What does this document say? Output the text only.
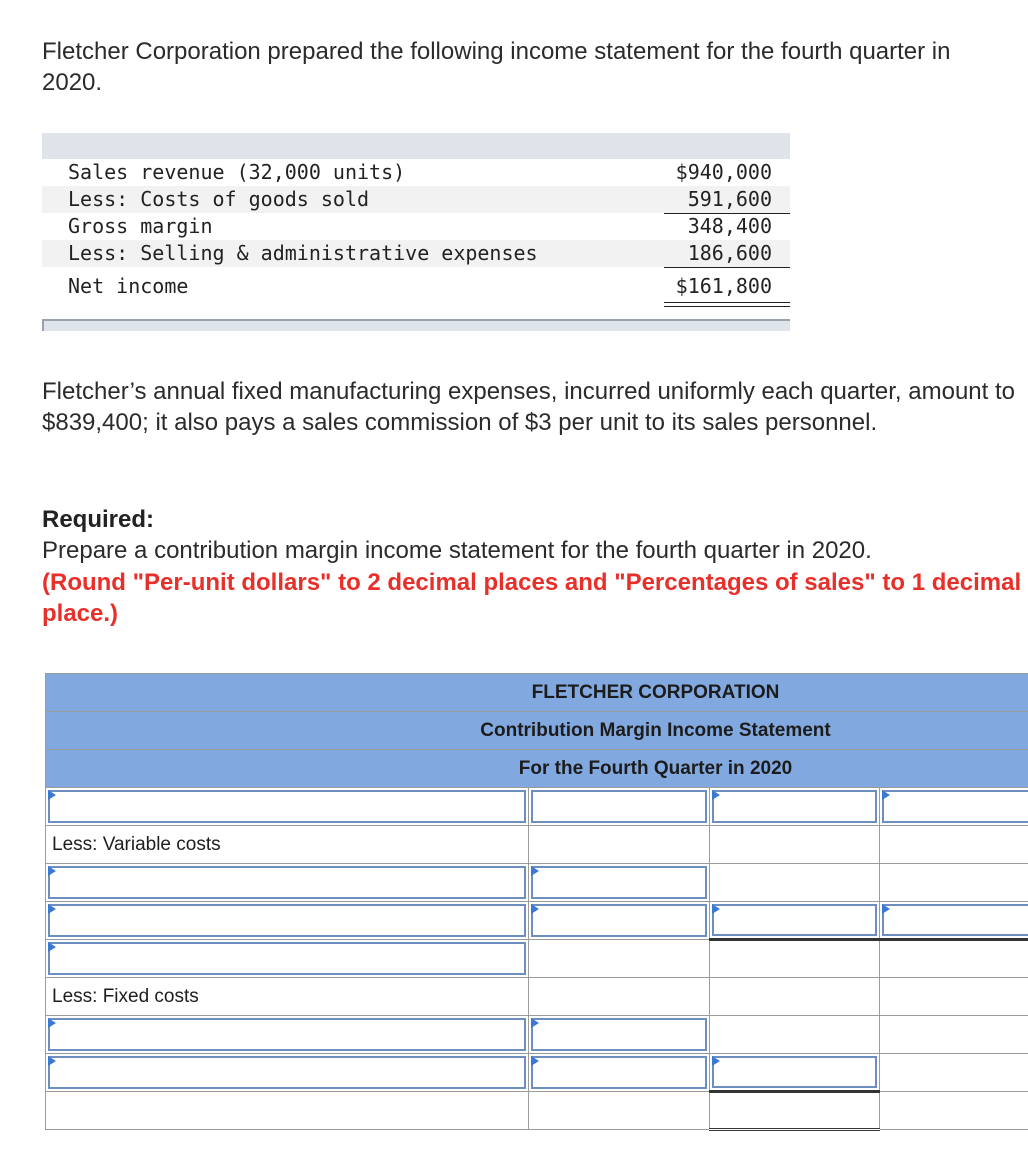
Fletcher Corporation prepared the following income statement for the fourth quarter in 2020.

Sales revenue (32,000 units)	$940,000
Less: Costs of goods sold	591,600
Gross margin	348,400
Less: Selling & administrative expenses	186,600
Net income	$161,800

Fletcher’s annual fixed manufacturing expenses, incurred uniformly each quarter, amount to $839,400; it also pays a sales commission of $3 per unit to its sales personnel.

Required:

Prepare a contribution margin income statement for the fourth quarter in 2020.

(Round "Per-unit dollars" to 2 decimal places and "Percentages of sales" to 1 decimal place.)

FLETCHER CORPORATION			
Contribution Margin Income Statement			
For the Fourth Quarter in 2020			

Less: Variable costs			

Less: Fixed costs			
